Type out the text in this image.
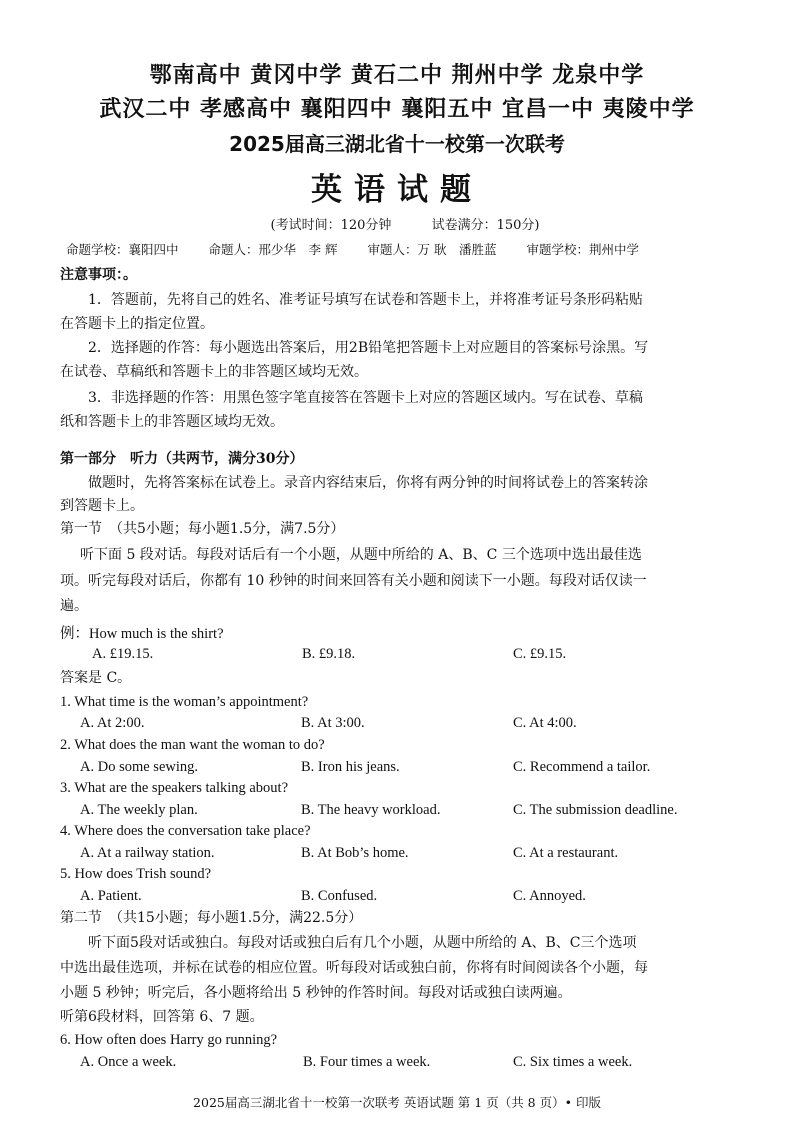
鄂南高中 黄冈中学 黄石二中 荆州中学 龙泉中学
武汉二中 孝感高中 襄阳四中 襄阳五中 宜昌一中 夷陵中学
2025届高三湖北省十一校第一次联考
英语试题
(考试时间：120分钟	试卷满分：150分)
命题学校：襄阳四中 命题人：邢少华　李 辉 审题人：万 耿　潘胜蓝 审题学校：荆州中学
注意事项：。
1．答题前，先将自己的姓名、准考证号填写在试卷和答题卡上，并将准考证号条形码粘贴
在答题卡上的指定位置。
2．选择题的作答：每小题选出答案后，用2B铅笔把答题卡上对应题目的答案标号涂黑。写
在试卷、草稿纸和答题卡上的非答题区域均无效。
3．非选择题的作答：用黑色签字笔直接答在答题卡上对应的答题区域内。写在试卷、草稿
纸和答题卡上的非答题区域均无效。
第一部分　听力（共两节，满分30分）
做题时，先将答案标在试卷上。录音内容结束后，你将有两分钟的时间将试卷上的答案转涂
到答题卡上。
第一节　（共5小题；每小题1.5分，满7.5分）
听下面 5 段对话。每段对话后有一个小题，从题中所给的 A、B、C 三个选项中选出最佳选
项。听完每段对话后，你都有 10 秒钟的时间来回答有关小题和阅读下一小题。每段对话仅读一
遍。
例：How much is the shirt?
A. £19.15.	B. £9.18.	C. £9.15.
答案是 C。
1. What time is the woman’s appointment?
A. At 2:00.	B. At 3:00.	C. At 4:00.
2. What does the man want the woman to do?
A. Do some sewing.	B. Iron his jeans.	C. Recommend a tailor.
3. What are the speakers talking about?
A. The weekly plan.	B. The heavy workload.	C. The submission deadline.
4. Where does the conversation take place?
A. At a railway station.	B. At Bob’s home.	C. At a restaurant.
5. How does Trish sound?
A. Patient.	B. Confused.	C. Annoyed.
第二节　（共15小题；每小题1.5分，满22.5分）
听下面5段对话或独白。每段对话或独白后有几个小题，从题中所给的 A、B、C三个选项
中选出最佳选项，并标在试卷的相应位置。听每段对话或独白前，你将有时间阅读各个小题，每
小题 5 秒钟；听完后，各小题将给出 5 秒钟的作答时间。每段对话或独白读两遍。
听第6段材料，回答第 6、7 题。
6. How often does Harry go running?
A. Once a week.	B. Four times a week.	C. Six times a week.
2025届高三湖北省十一校第一次联考 英语试题 第 1 页（共 8 页）• 印版
